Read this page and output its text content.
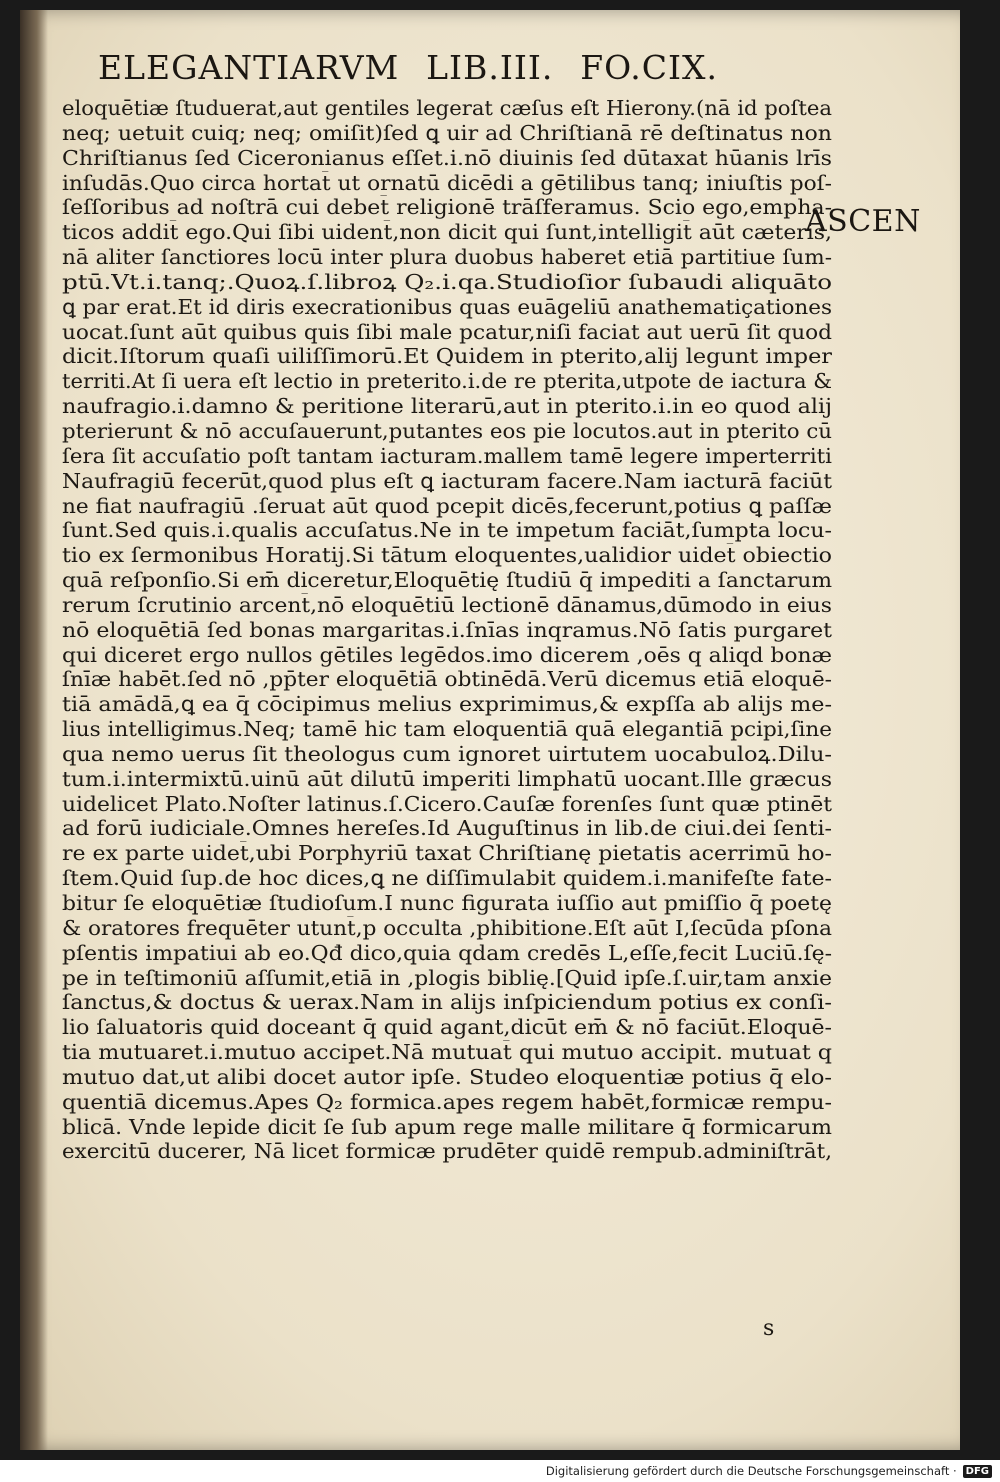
ELEGANTIARVM LIB.III. FO.CIX.
eloquētiæ ſtuduerat,aut gentiles legerat cæſus eſt Hierony.(nā id poſtea
neq; uetuit cuiq; neq; omiſit)ſed ꝗ uir ad Chriſtianā rē deſtinatus non
Chriſtianus ſed Ciceronianus eſſet.i.nō diuinis ſed dūtaxat hūanis lrīs
inſudās.Quo circa hortat̄ ut ornatū dicēdi a gētilibus tanq; iniuſtis poſ-
ſeſſoribus ad noſtrā cui debet̄ religionē trāſferamus. Scio ego,empha-
ticos addit̄ ego.Qui ſibi uident̄,non dicit qui ſunt,intelligit̄ aūt cæteris,
nā aliter ſanctiores locū inter plura duobus haberet etiā partitiue ſum-
ptū.Vt.i.tanq;.Quoꝝ.ſ.libroꝝ Q₂.i.qa.Studioſior ſubaudi aliquāto
ꝗ par erat.Et id diris execrationibus quas euāgeliū anathematiçationes
uocat.ſunt aūt quibus quis ſibi male pcatur,niſi faciat aut uerū ſit quod
dicit.Iſtorum quaſi uiliſſimorū.Et Quidem in pterito,alij legunt imper
territi.At ſi uera eſt lectio in preterito.i.de re pterita,utpote de iactura &
naufragio.i.damno & peritione literarū,aut in pterito.i.in eo quod alij
pterierunt & nō accuſauerunt,putantes eos pie locutos.aut in pterito cū
ſera ſit accuſatio poſt tantam iacturam.mallem tamē legere imperterriti
Naufragiū fecerūt,quod plus eſt ꝗ iacturam facere.Nam iacturā faciūt
ne fiat naufragiū .ſeruat aūt quod pcepit dicēs,fecerunt,potius ꝗ paſſæ
ſunt.Sed quis.i.qualis accuſatus.Ne in te impetum faciāt,ſumpta locu-
tio ex ſermonibus Horatij.Si tātum eloquentes,ualidior uidet̄ obiectio
quā reſponſio.Si em̄ diceretur,Eloquētię ſtudiū q̄ impediti a ſanctarum
rerum ſcrutinio arcent̄,nō eloquētiū lectionē dānamus,dūmodo in eius
nō eloquētiā ſed bonas margaritas.i.ſnīas inqramus.Nō ſatis purgaret
qui diceret ergo nullos gētiles legēdos.imo dicerem ,oēs q aliqd bonæ
ſnīæ habēt.ſed nō ,pp̄ter eloquētiā obtinēdā.Verū dicemus etiā eloquē-
tiā amādā,ꝗ ea q̄ cōcipimus melius exprimimus,& expſſa ab alijs me-
lius intelligimus.Neq; tamē hic tam eloquentiā quā elegantiā pcipi,ſine
qua nemo uerus ſit theologus cum ignoret uirtutem uocabuloꝝ.Dilu-
tum.i.intermixtū.uinū aūt dilutū imperiti limphatū uocant.Ille græcus
uidelicet Plato.Noſter latinus.ſ.Cicero.Cauſæ forenſes ſunt quæ ptinēt
ad forū iudiciale.Omnes hereſes.Id Auguſtinus in lib.de ciui.dei ſenti-
re ex parte uidet̄,ubi Porphyriū taxat Chriſtianę pietatis acerrimū ho-
ſtem.Quid ſup.de hoc dices,ꝗ ne diſſimulabit quidem.i.manifeſte fate-
bitur ſe eloquētiæ ſtudioſum.I nunc figurata iuſſio aut pmiſſio q̄ poetę
& oratores frequēter utunt̄,p occulta ,phibitione.Eſt aūt I,ſecūda pſona
pſentis impatiui ab eo.Qđ dico,quia qdam credēs L,eſſe,fecit Luciū.ſę-
pe in teſtimoniū aſſumit,etiā in ,plogis biblię.[Quid ipſe.ſ.uir,tam anxie
ſanctus,& doctus & uerax.Nam in alijs inſpiciendum potius ex conſi-
lio ſaluatoris quid doceant q̄ quid agant,dicūt em̄ & nō faciūt.Eloquē-
tia mutuaret.i.mutuo accipet.Nā mutuat̄ qui mutuo accipit. mutuat q
mutuo dat,ut alibi docet autor ipſe. Studeo eloquentiæ potius q̄ elo-
quentiā dicemus.Apes Q₂ formica.apes regem habēt,formicæ rempu-
blicā. Vnde lepide dicit ſe ſub apum rege malle militare q̄ formicarum
exercitū ducerer, Nā licet formicæ prudēter quidē rempub.adminiſtrāt,
ASCEN
s
Digitalisierung gefördert durch die Deutsche Forschungsgemeinschaft · DFG
